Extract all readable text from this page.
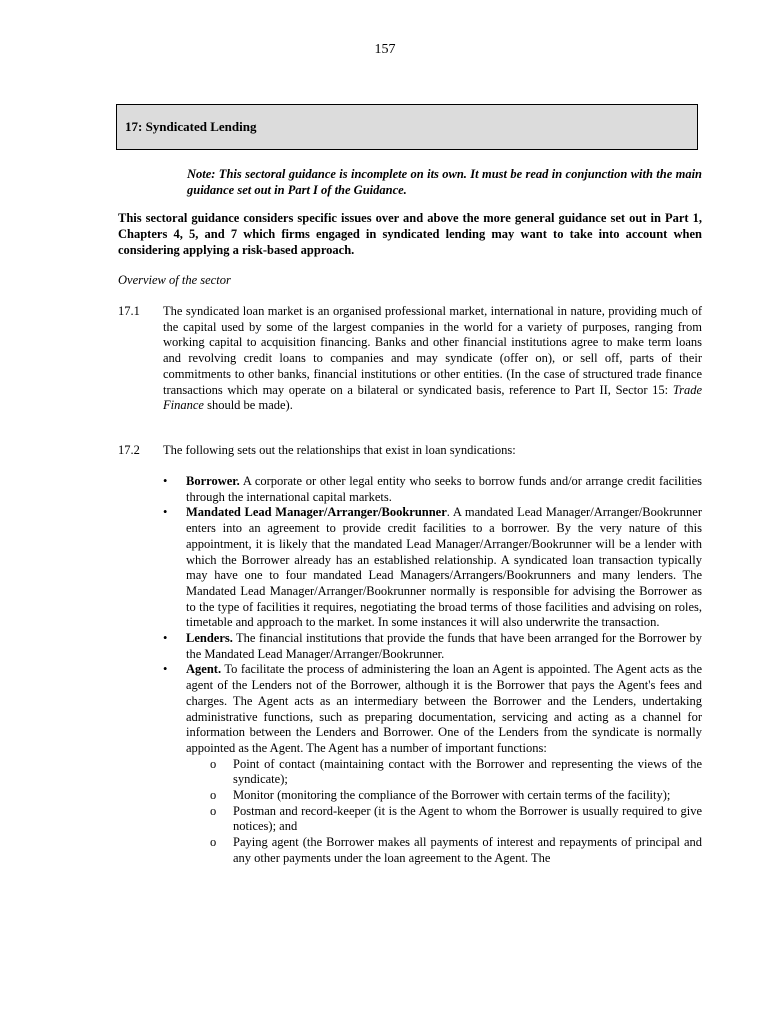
157
17: Syndicated Lending
Note: This sectoral guidance is incomplete on its own. It must be read in conjunction with the main guidance set out in Part I of the Guidance.
This sectoral guidance considers specific issues over and above the more general guidance set out in Part 1, Chapters 4, 5, and 7 which firms engaged in syndicated lending may want to take into account when considering applying a risk-based approach.
Overview of the sector
17.1 The syndicated loan market is an organised professional market, international in nature, providing much of the capital used by some of the largest companies in the world for a variety of purposes, ranging from working capital to acquisition financing. Banks and other financial institutions agree to make term loans and revolving credit loans to companies and may syndicate (offer on), or sell off, parts of their commitments to other banks, financial institutions or other entities. (In the case of structured trade finance transactions which may operate on a bilateral or syndicated basis, reference to Part II, Sector 15: Trade Finance should be made).
17.2 The following sets out the relationships that exist in loan syndications:
• Borrower. A corporate or other legal entity who seeks to borrow funds and/or arrange credit facilities through the international capital markets.
• Mandated Lead Manager/Arranger/Bookrunner. A mandated Lead Manager/Arranger/Bookrunner enters into an agreement to provide credit facilities to a borrower. By the very nature of this appointment, it is likely that the mandated Lead Manager/Arranger/Bookrunner will be a lender with which the Borrower already has an established relationship. A syndicated loan transaction typically may have one to four mandated Lead Managers/Arrangers/Bookrunners and many lenders. The Mandated Lead Manager/Arranger/Bookrunner normally is responsible for advising the Borrower as to the type of facilities it requires, negotiating the broad terms of those facilities and advising on roles, timetable and approach to the market. In some instances it will also underwrite the transaction.
• Lenders. The financial institutions that provide the funds that have been arranged for the Borrower by the Mandated Lead Manager/Arranger/Bookrunner.
• Agent. To facilitate the process of administering the loan an Agent is appointed. The Agent acts as the agent of the Lenders not of the Borrower, although it is the Borrower that pays the Agent's fees and charges. The Agent acts as an intermediary between the Borrower and the Lenders, undertaking administrative functions, such as preparing documentation, servicing and acting as a channel for information between the Lenders and Borrower. One of the Lenders from the syndicate is normally appointed as the Agent. The Agent has a number of important functions:
o Point of contact (maintaining contact with the Borrower and representing the views of the syndicate);
o Monitor (monitoring the compliance of the Borrower with certain terms of the facility);
o Postman and record-keeper (it is the Agent to whom the Borrower is usually required to give notices); and
o Paying agent (the Borrower makes all payments of interest and repayments of principal and any other payments under the loan agreement to the Agent. The
